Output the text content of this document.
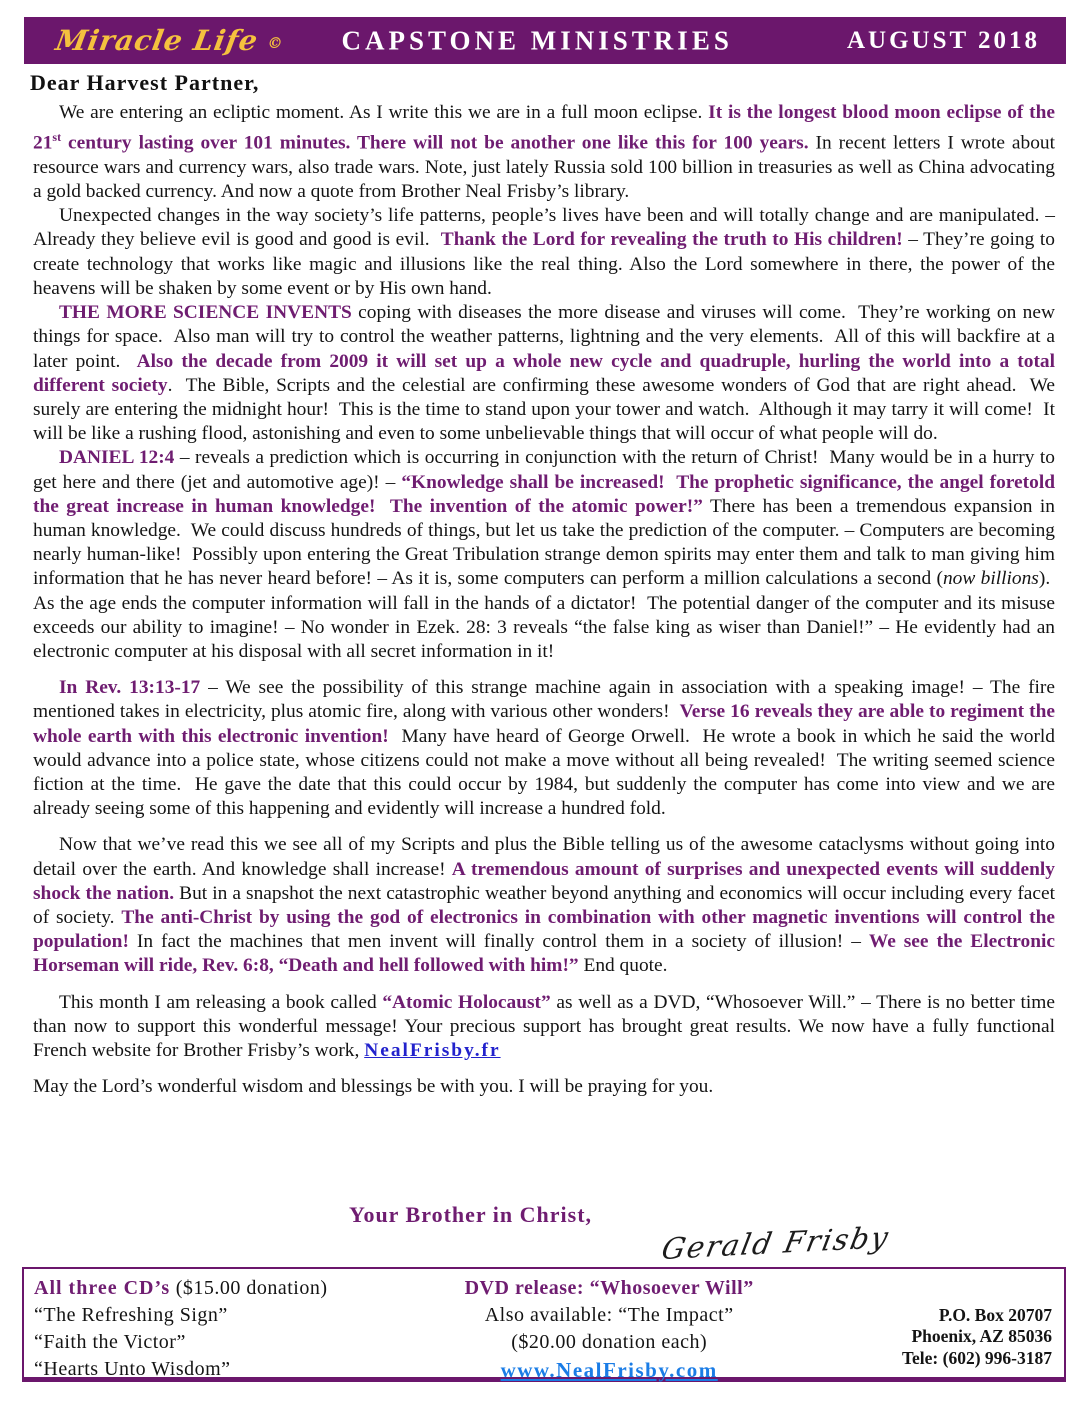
Miracle Life © CAPSTONE MINISTRIES	AUGUST 2018
Dear Harvest Partner,

We are entering an ecliptic moment. As I write this we are in a full moon eclipse. It is the longest blood moon eclipse of the 21st century lasting over 101 minutes. There will not be another one like this for 100 years. In recent letters I wrote about resource wars and currency wars, also trade wars. Note, just lately Russia sold 100 billion in treasuries as well as China advocating a gold backed currency. And now a quote from Brother Neal Frisby’s library.

Unexpected changes in the way society’s life patterns, people’s lives have been and will totally change and are manipulated. – Already they believe evil is good and good is evil.  Thank the Lord for revealing the truth to His children! – They’re going to create technology that works like magic and illusions like the real thing. Also the Lord somewhere in there, the power of the heavens will be shaken by some event or by His own hand.

THE MORE SCIENCE INVENTS coping with diseases the more disease and viruses will come.  They’re working on new things for space.  Also man will try to control the weather patterns, lightning and the very elements.  All of this will backfire at a later point.  Also the decade from 2009 it will set up a whole new cycle and quadruple, hurling the world into a total different society.  The Bible, Scripts and the celestial are confirming these awesome wonders of God that are right ahead.  We surely are entering the midnight hour!  This is the time to stand upon your tower and watch.  Although it may tarry it will come!  It will be like a rushing flood, astonishing and even to some unbelievable things that will occur of what people will do.

DANIEL 12:4 – reveals a prediction which is occurring in conjunction with the return of Christ!  Many would be in a hurry to get here and there (jet and automotive age)! – “Knowledge shall be increased!  The prophetic significance, the angel foretold the great increase in human knowledge!  The invention of the atomic power!” There has been a tremendous expansion in human knowledge.  We could discuss hundreds of things, but let us take the prediction of the computer. – Computers are becoming nearly human-like!  Possibly upon entering the Great Tribulation strange demon spirits may enter them and talk to man giving him information that he has never heard before! – As it is, some computers can perform a million calculations a second (now billions).  As the age ends the computer information will fall in the hands of a dictator!  The potential danger of the computer and its misuse exceeds our ability to imagine! – No wonder in Ezek. 28: 3 reveals “the false king as wiser than Daniel!” – He evidently had an electronic computer at his disposal with all secret information in it!

In Rev. 13:13-17 – We see the possibility of this strange machine again in association with a speaking image! – The fire mentioned takes in electricity, plus atomic fire, along with various other wonders!  Verse 16 reveals they are able to regiment the whole earth with this electronic invention!  Many have heard of George Orwell.  He wrote a book in which he said the world would advance into a police state, whose citizens could not make a move without all being revealed!  The writing seemed science fiction at the time.  He gave the date that this could occur by 1984, but suddenly the computer has come into view and we are already seeing some of this happening and evidently will increase a hundred fold.

Now that we’ve read this we see all of my Scripts and plus the Bible telling us of the awesome cataclysms without going into detail over the earth. And knowledge shall increase! A tremendous amount of surprises and unexpected events will suddenly shock the nation. But in a snapshot the next catastrophic weather beyond anything and economics will occur including every facet of society. The anti-Christ by using the god of electronics in combination with other magnetic inventions will control the population! In fact the machines that men invent will finally control them in a society of illusion! – We see the Electronic Horseman will ride, Rev. 6:8, “Death and hell followed with him!” End quote.

This month I am releasing a book called “Atomic Holocaust” as well as a DVD, “Whosoever Will.” – There is no better time than now to support this wonderful message! Your precious support has brought great results. We now have a fully functional French website for Brother Frisby’s work, NealFrisby.fr

May the Lord’s wonderful wisdom and blessings be with you. I will be praying for you.

Your Brother in Christ,
Gerald Frisby
All three CD’s ($15.00 donation)
“The Refreshing Sign”
“Faith the Victor”
“Hearts Unto Wisdom”
DVD release: “Whosoever Will”
Also available: “The Impact”
($20.00 donation each)
www.NealFrisby.com
P.O. Box 20707
Phoenix, AZ 85036
Tele: (602) 996-3187
